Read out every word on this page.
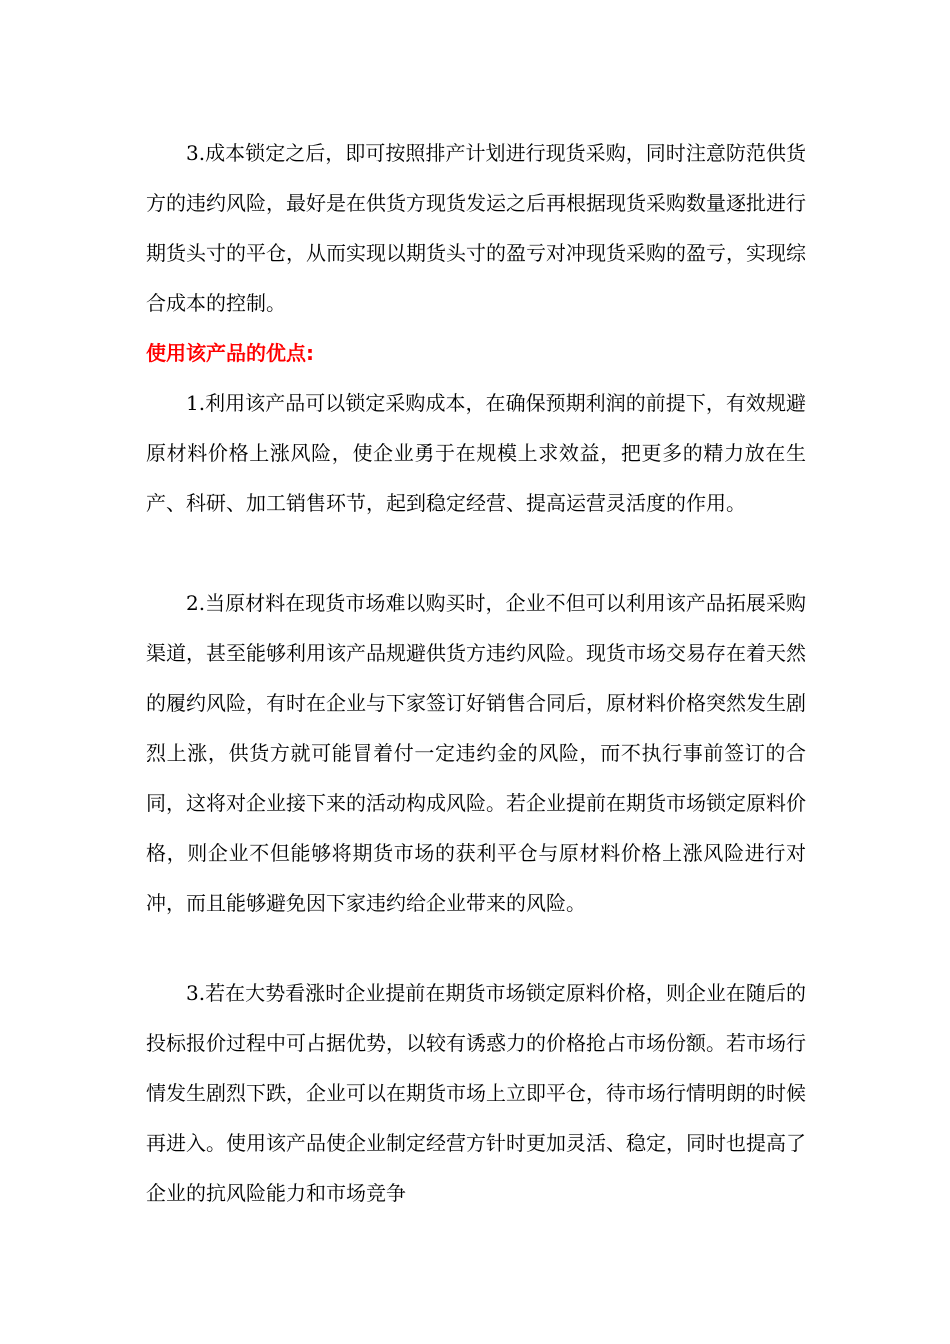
3.成本锁定之后，即可按照排产计划进行现货采购，同时注意防范供货方的违约风险，最好是在供货方现货发运之后再根据现货采购数量逐批进行期货头寸的平仓，从而实现以期货头寸的盈亏对冲现货采购的盈亏，实现综合成本的控制。

使用该产品的优点:

1.利用该产品可以锁定采购成本，在确保预期利润的前提下，有效规避原材料价格上涨风险，使企业勇于在规模上求效益，把更多的精力放在生产、科研、加工销售环节，起到稳定经营、提高运营灵活度的作用。

2.当原材料在现货市场难以购买时，企业不但可以利用该产品拓展采购渠道，甚至能够利用该产品规避供货方违约风险。现货市场交易存在着天然的履约风险，有时在企业与下家签订好销售合同后，原材料价格突然发生剧烈上涨，供货方就可能冒着付一定违约金的风险，而不执行事前签订的合同，这将对企业接下来的活动构成风险。若企业提前在期货市场锁定原料价格，则企业不但能够将期货市场的获利平仓与原材料价格上涨风险进行对冲，而且能够避免因下家违约给企业带来的风险。

3.若在大势看涨时企业提前在期货市场锁定原料价格，则企业在随后的投标报价过程中可占据优势，以较有诱惑力的价格抢占市场份额。若市场行情发生剧烈下跌，企业可以在期货市场上立即平仓，待市场行情明朗的时候再进入。使用该产品使企业制定经营方针时更加灵活、稳定，同时也提高了企业的抗风险能力和市场竞争
